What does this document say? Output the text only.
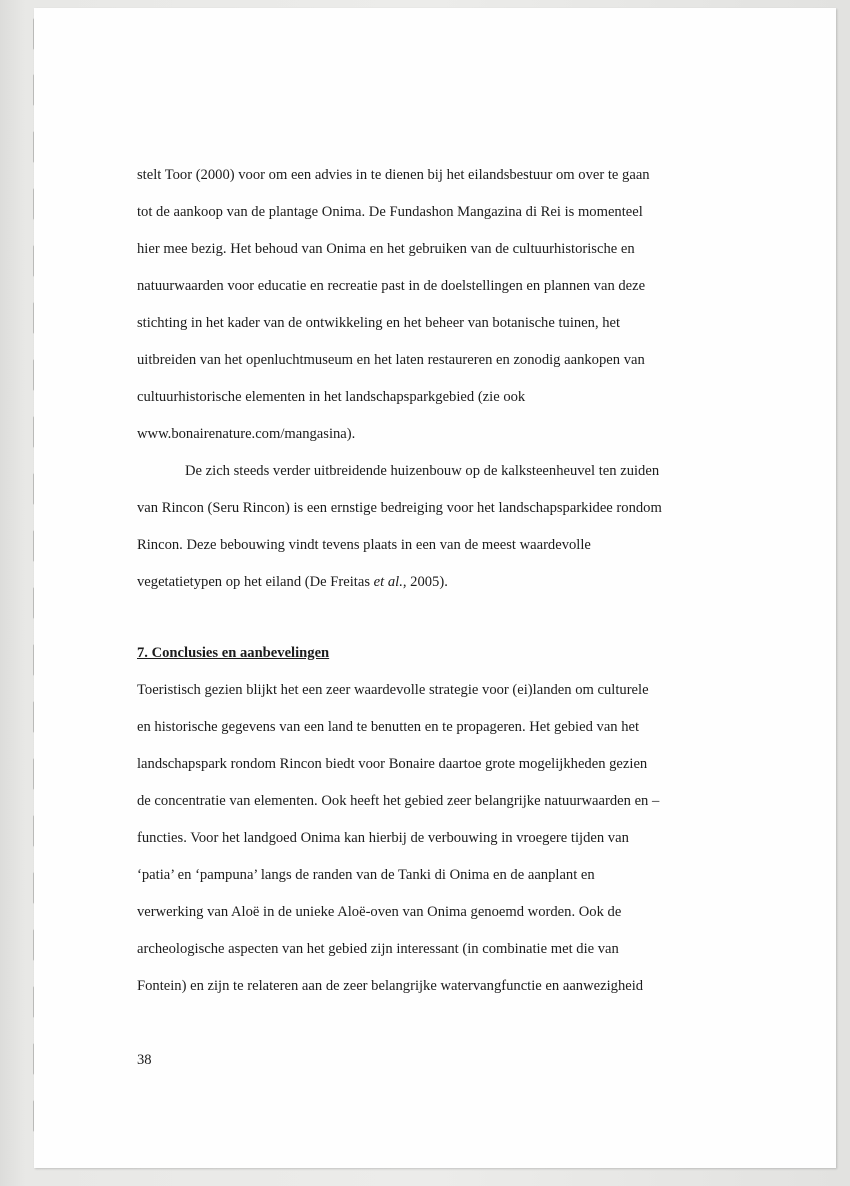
stelt Toor (2000) voor om een advies in te dienen bij het eilandsbestuur om over te gaan

tot de aankoop van de plantage Onima. De Fundashon Mangazina di Rei is momenteel

hier mee bezig. Het behoud van Onima en het gebruiken van de cultuurhistorische en

natuurwaarden voor educatie en recreatie past in de doelstellingen en plannen van deze

stichting in het kader van de ontwikkeling en het beheer van botanische tuinen, het

uitbreiden van het openluchtmuseum en het laten restaureren en zonodig aankopen van

cultuurhistorische elementen in het landschapsparkgebied (zie ook

www.bonairenature.com/mangasina).

De zich steeds verder uitbreidende huizenbouw op de kalksteenheuvel ten zuiden

van Rincon (Seru Rincon) is een ernstige bedreiging voor het landschapsparkidee rondom

Rincon. Deze bebouwing vindt tevens plaats in een van de meest waardevolle

vegetatietypen op het eiland (De Freitas et al., 2005).

7. Conclusies en aanbevelingen

Toeristisch gezien blijkt het een zeer waardevolle strategie voor (ei)landen om culturele

en historische gegevens van een land te benutten en te propageren. Het gebied van het

landschapspark rondom Rincon biedt voor Bonaire daartoe grote mogelijkheden gezien

de concentratie van elementen. Ook heeft het gebied zeer belangrijke natuurwaarden en –

functies. Voor het landgoed Onima kan hierbij de verbouwing in vroegere tijden van

‘patia’ en ‘pampuna’ langs de randen van de Tanki di Onima en de aanplant en

verwerking van Aloë in de unieke Aloë-oven van Onima genoemd worden. Ook de

archeologische aspecten van het gebied zijn interessant (in combinatie met die van

Fontein) en zijn te relateren aan de zeer belangrijke watervangfunctie en aanwezigheid

38
